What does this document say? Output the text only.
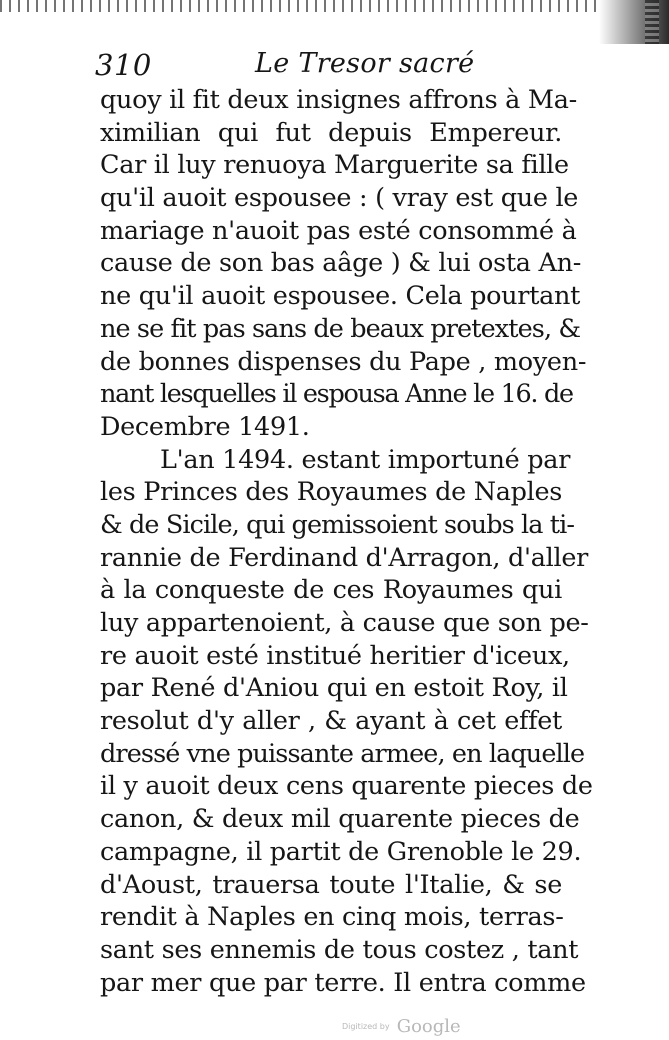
310	Le Tresor sacré
quoy il fit deux insignes affrons à Ma-
ximilian qui fut depuis Empereur.
Car il luy renuoya Marguerite sa fille
qu'il auoit espousee : ( vray est que le
mariage n'auoit pas esté consommé à
cause de son bas aâge ) & lui osta An-
ne qu'il auoit espousee. Cela pourtant
ne se fit pas sans de beaux pretextes, &
de bonnes dispenses du Pape , moyen-
nant lesquelles il espousa Anne le 16. de
Decembre 1491.
L'an 1494. estant importuné par
les Princes des Royaumes de Naples
& de Sicile, qui gemissoient soubs la ti-
rannie de Ferdinand d'Arragon, d'aller
à la conqueste de ces Royaumes qui
luy appartenoient, à cause que son pe-
re auoit esté institué heritier d'iceux,
par René d'Aniou qui en estoit Roy, il
resolut d'y aller , & ayant à cet effet
dressé vne puissante armee, en laquelle
il y auoit deux cens quarente pieces de
canon, & deux mil quarente pieces de
campagne, il partit de Grenoble le 29.
d'Aoust, trauersa toute l'Italie, & se
rendit à Naples en cinq mois, terras-
sant ses ennemis de tous costez , tant
par mer que par terre. Il entra comme
Digitized by Google
